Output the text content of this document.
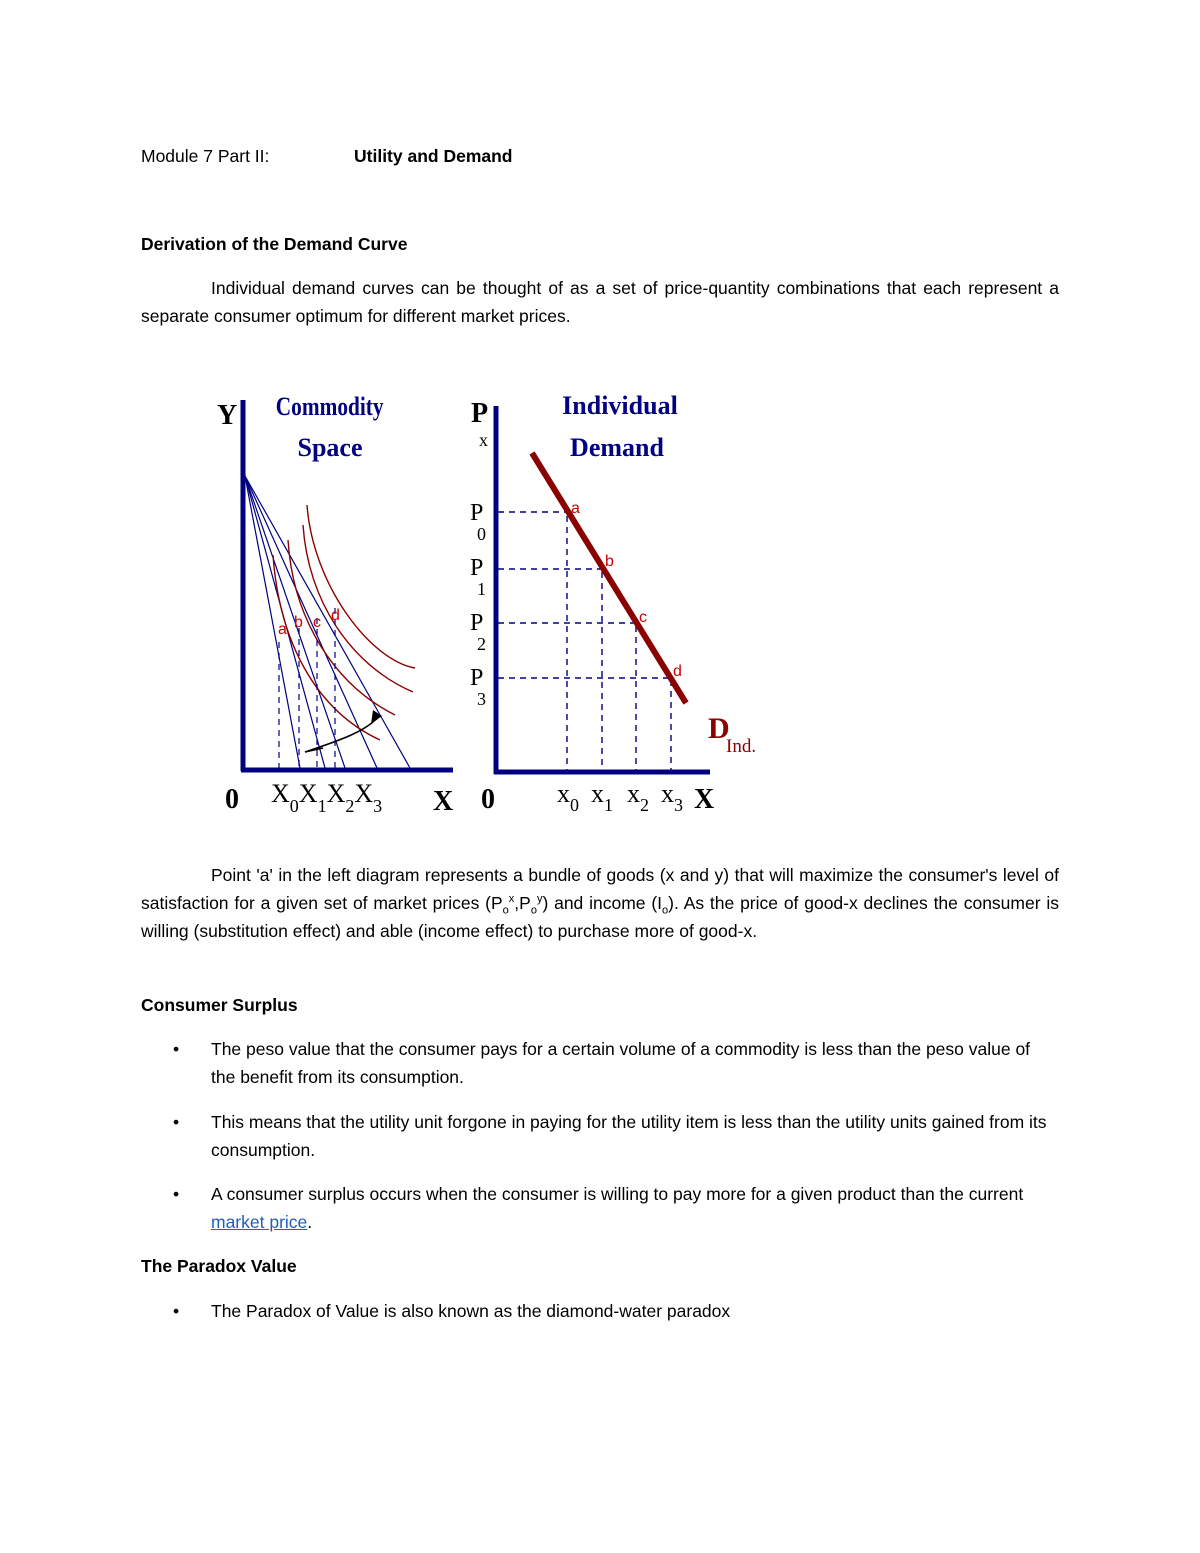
Module 7 Part II:	Utility and Demand
Derivation of the Demand Curve
Individual demand curves can be thought of as a set of price-quantity combinations that each represent a separate consumer optimum for different market prices.
a b c d
Commodity
Space
Y
0	X
$X_0X_1X_2X_3$
a
b
c
d
Individual
Demand
P
x
P
0
P
1
P
2
P
3
D
Ind.
0	X
$x_0$ $x_1$ $x_2$ $x_3$
Point 'a' in the left diagram represents a bundle of goods (x and y) that will maximize the consumer's level of satisfaction for a given set of market prices $(P_o^x,P_o^y)$ and income $(I_o)$. As the price of good-x declines the consumer is willing (substitution effect) and able (income effect) to purchase more of good-x.
Consumer Surplus
• The peso value that the consumer pays for a certain volume of a commodity is less than the peso value of the benefit from its consumption.
• This means that the utility unit forgone in paying for the utility item is less than the utility units gained from its consumption.
• A consumer surplus occurs when the consumer is willing to pay more for a given product than the current market price.
The Paradox Value
• The Paradox of Value is also known as the diamond-water paradox
